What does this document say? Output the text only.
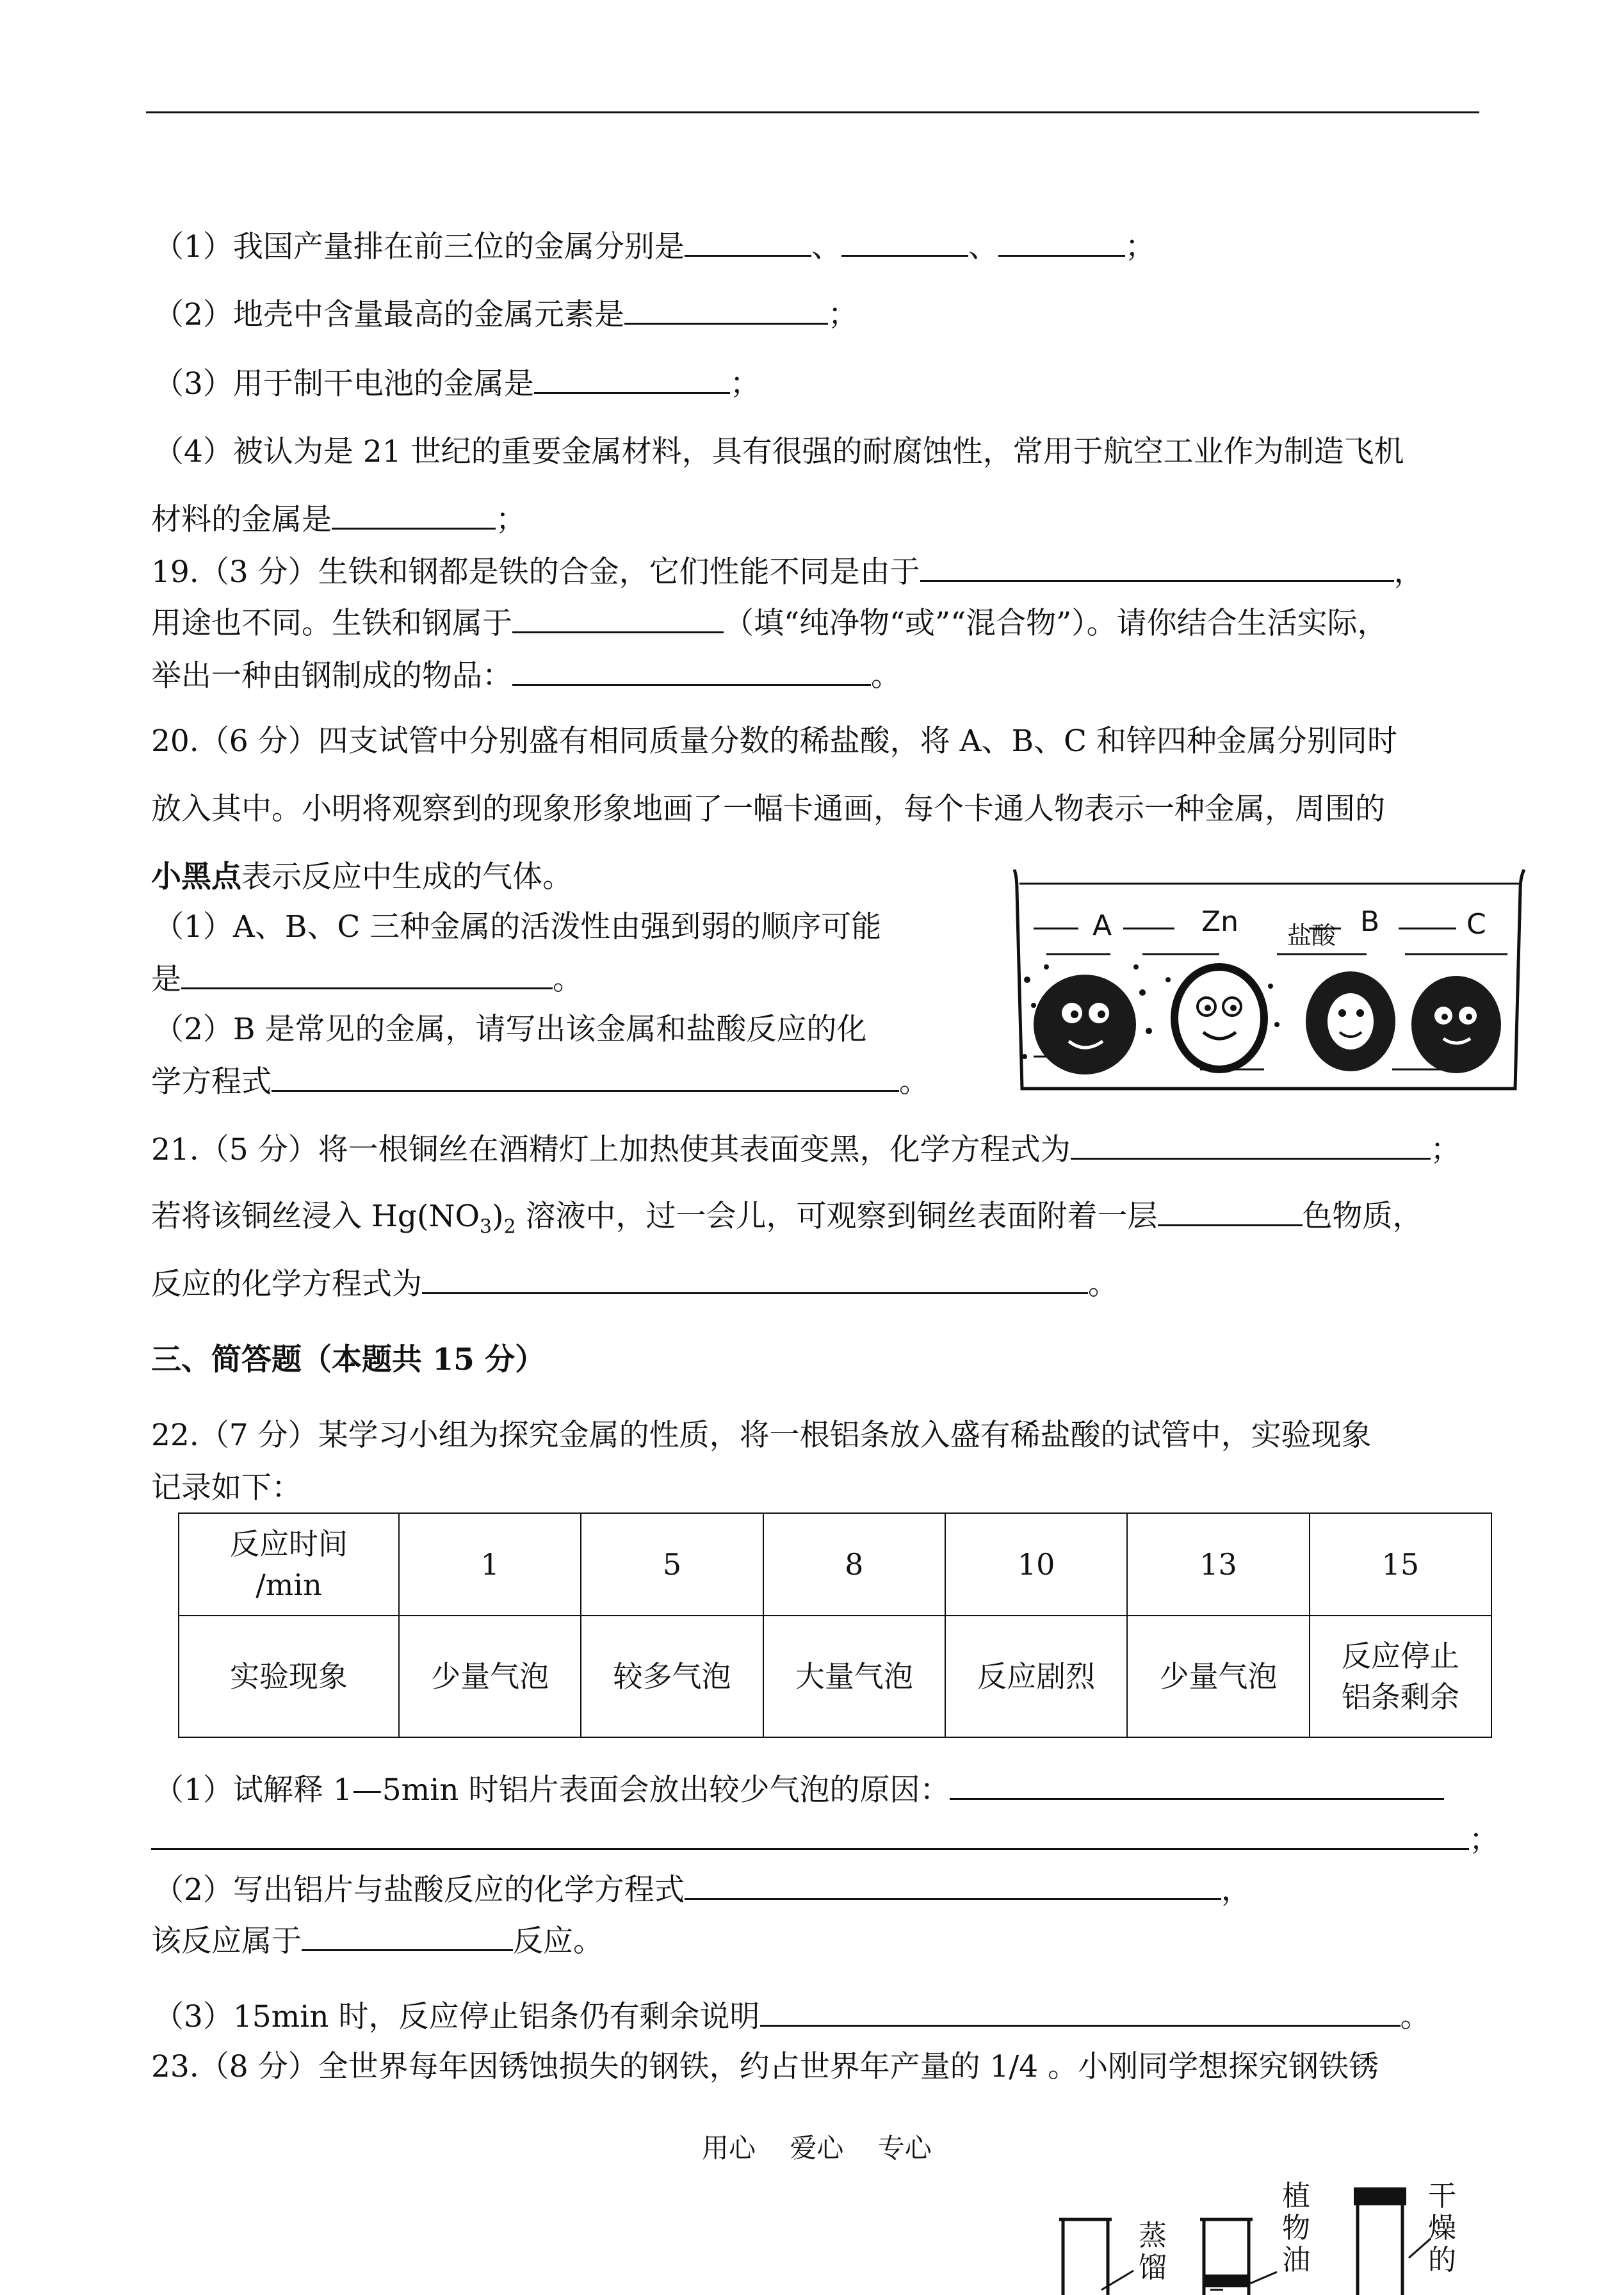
（1）我国产量排在前三位的金属分别是	、	、	；
（2）地壳中含量最高的金属元素是	；
（3）用于制干电池的金属是	；
（4）被认为是 21 世纪的重要金属材料，具有很强的耐腐蚀性，常用于航空工业作为制造飞机
材料的金属是	；
19.（3 分）生铁和钢都是铁的合金，它们性能不同是由于	，
用途也不同。生铁和钢属于	（填“纯净物“或”“混合物”）。请你结合生活实际，
举出一种由钢制成的物品：	。
20.（6 分）四支试管中分别盛有相同质量分数的稀盐酸，将 A、B、C 和锌四种金属分别同时
放入其中。小明将观察到的现象形象地画了一幅卡通画，每个卡通人物表示一种金属，周围的
小黑点表示反应中生成的气体。
（1）A、B、C 三种金属的活泼性由强到弱的顺序可能
是	。
（2）B 是常见的金属，请写出该金属和盐酸反应的化
学方程式	。
A	Zn 盐酸 B	C
21.（5 分）将一根铜丝在酒精灯上加热使其表面变黑，化学方程式为	；
若将该铜丝浸入 $Hg(NO_3)_2$ 溶液中，过一会儿，可观察到铜丝表面附着一层	色物质，
反应的化学方程式为	。
三、简答题（本题共 15 分）
22.（7 分）某学习小组为探究金属的性质，将一根铝条放入盛有稀盐酸的试管中，实验现象
记录如下：
反应时间
/min	1	5	8	10	13	15
实验现象	少量气泡	较多气泡	大量气泡	反应剧烈	少量气泡	反应停止
铝条剩余
（1）试解释 1—5min 时铝片表面会放出较少气泡的原因：
；
（2）写出铝片与盐酸反应的化学方程式	，
该反应属于	反应。
（3）15min 时，反应停止铝条仍有剩余说明	。
23.（8 分）全世界每年因锈蚀损失的钢铁，约占世界年产量的 1/4 。小刚同学想探究钢铁锈
用心 爱心 专心
蒸馏
植物油
干燥的
